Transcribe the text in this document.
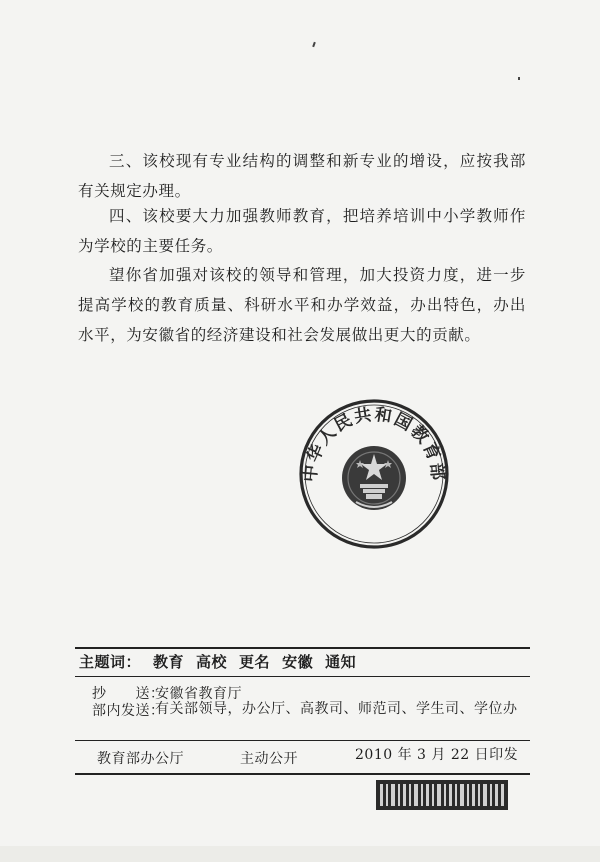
三、该校现有专业结构的调整和新专业的增设，应按我部有关规定办理。

四、该校要大力加强教师教育，把培养培训中小学教师作为学校的主要任务。

望你省加强对该校的领导和管理，加大投资力度，进一步提高学校的教育质量、科研水平和办学效益，办出特色，办出水平，为安徽省的经济建设和社会发展做出更大的贡献。

中华人民共和国教育部
主题词： 教育 高校 更名 安徽 通知
抄　　送：
安徽省教育厅
部内发送：
有关部领导，办公厅、高教司、师范司、学生司、学位办
教育部办公厅	主动公开	2010 年 3 月 22 日印发
